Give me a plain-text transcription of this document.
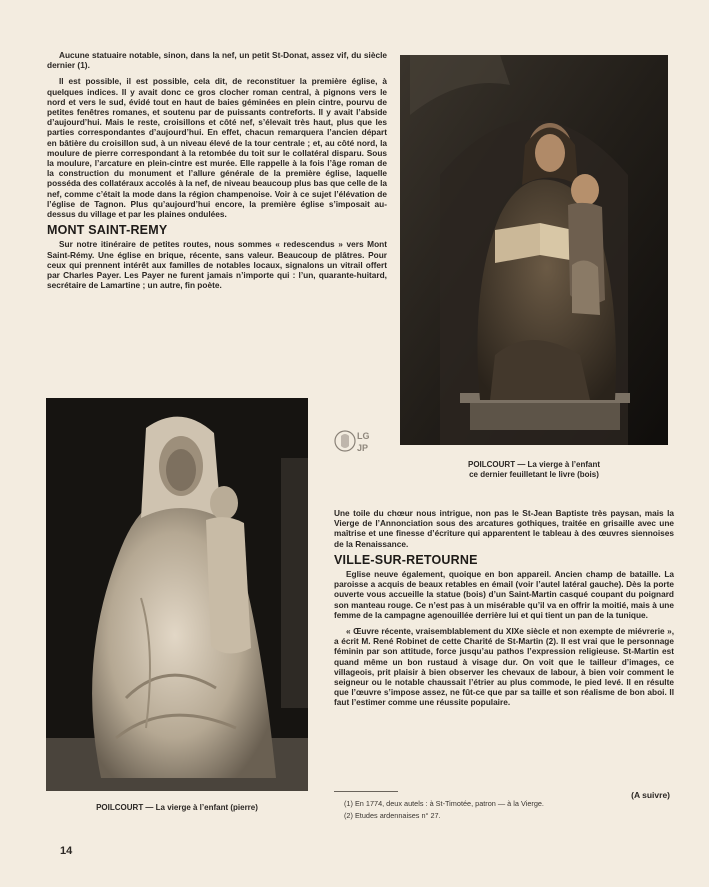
Aucune statuaire notable, sinon, dans la nef, un petit St-Donat, assez vif, du siècle dernier (1).

Il est possible, il est possible, cela dit, de reconstituer la première église, à quelques indices. Il y avait donc ce gros clocher roman central, à pignons vers le nord et vers le sud, évidé tout en haut de baies géminées en plein cintre, pourvu de petites fenêtres romanes, et soutenu par de puissants contreforts. Il y avait l’abside d’aujourd’hui. Mais le reste, croisillons et côté nef, s’élevait très haut, plus que les parties correspondantes d’aujourd’hui. En effet, chacun remarquera l’ancien départ en bâtière du croisillon sud, à un niveau élevé de la tour centrale ; et, au côté nord, la moulure de pierre correspondant à la retombée du toit sur le collatéral disparu. Sous la moulure, l’arcature en plein-cintre est murée. Elle rappelle à la fois l’âge roman de la construction du monument et l’allure générale de la première église, laquelle posséda des collatéraux accolés à la nef, de niveau beaucoup plus bas que celle de la nef, comme c’était la mode dans la région champenoise. Voir à ce sujet l’élévation de l’église de Tagnon. Plus qu’aujourd’hui encore, la première église s’imposait au-dessus du village et par les plaines ondulées.

MONT SAINT-REMY

Sur notre itinéraire de petites routes, nous sommes « redescendus » vers Mont Saint-Rémy. Une église en brique, récente, sans valeur. Beaucoup de plâtres. Pour ceux qui prennent intérêt aux familles de notables locaux, signalons un vitrail offert par Charles Payer. Les Payer ne furent jamais n’importe qui : l’un, quarante-huitard, secrétaire de Lamartine ; un autre, fin poète.

POILCOURT — La vierge à l’enfant
ce dernier feuilletant le livre (bois)
LG
JP
POILCOURT — La vierge à l’enfant (pierre)

Une toile du chœur nous intrigue, non pas le St-Jean Baptiste très paysan, mais la Vierge de l’Annonciation sous des arcatures gothiques, traitée en grisaille avec une maîtrise et une finesse d’écriture qui apparentent le tableau à des œuvres siennoises de la Renaissance.

VILLE-SUR-RETOURNE

Eglise neuve également, quoique en bon appareil. Ancien champ de bataille. La paroisse a acquis de beaux retables en émail (voir l’autel latéral gauche). Dès la porte ouverte vous accueille la statue (bois) d’un Saint-Martin casqué coupant du poignard son manteau rouge. Ce n’est pas à un misérable qu’il va en offrir la moitié, mais à une femme de la campagne agenouillée derrière lui et qui tient un pan de la tunique.

« Œuvre récente, vraisemblablement du XIXe siècle et non exempte de miévrerie », a écrit M. René Robinet de cette Charité de St-Martin (2). Il est vrai que le personnage féminin par son attitude, force jusqu’au pathos l’expression religieuse. St-Martin est quand même un bon rustaud à visage dur. On voit que le tailleur d’images, ce villageois, prit plaisir à bien observer les chevaux de labour, à bien voir comment le seigneur ou le notable chaussait l’étrier au plus commode, le pied levé. Il en résulte que l’œuvre s’impose assez, ne fût-ce que par sa taille et son réalisme de bon aboi. Il faut l’estimer comme une réussite populaire.

(A suivre)
(1) En 1774, deux autels : à St-Timotée, patron — à la Vierge.
(2) Etudes ardennaises n° 27.
14
